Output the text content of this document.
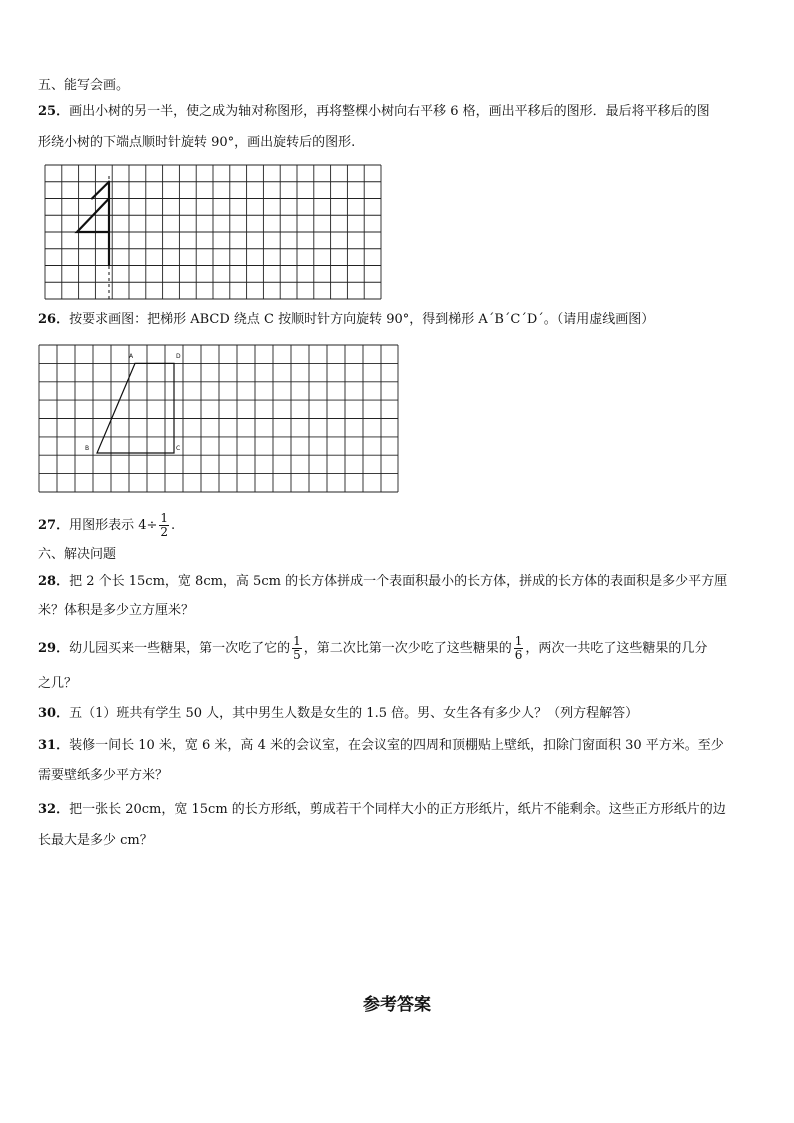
五、能写会画。
25．画出小树的另一半，使之成为轴对称图形，再将整棵小树向右平移 6 格，画出平移后的图形．最后将平移后的图
形绕小树的下端点顺时针旋转 90°，画出旋转后的图形.
26．按要求画图：把梯形 ABCD 绕点 C 按顺时针方向旋转 90°，得到梯形 A´B´C´D´。（请用虚线画图）
A	D
B	C
27．用图形表示 $4\div \frac{1}{2}$ .
六、解决问题
28．把 2 个长 15cm，宽 8cm，高 5cm 的长方体拼成一个表面积最小的长方体，拼成的长方体的表面积是多少平方厘
米？体积是多少立方厘米？
29．幼儿园买来一些糖果，第一次吃了它的 $\frac{1}{5}$ ，第二次比第一次少吃了这些糖果的 $\frac{1}{6}$ ，两次一共吃了这些糖果的几分
之几？
30．五（1）班共有学生 50 人，其中男生人数是女生的 1.5 倍。男、女生各有多少人？（列方程解答）
31．装修一间长 10 米，宽 6 米，高 4 米的会议室，在会议室的四周和顶棚贴上壁纸，扣除门窗面积 30 平方米。至少
需要壁纸多少平方米？
32．把一张长 20cm，宽 15cm 的长方形纸，剪成若干个同样大小的正方形纸片，纸片不能剩余。这些正方形纸片的边
长最大是多少 cm？
参考答案
